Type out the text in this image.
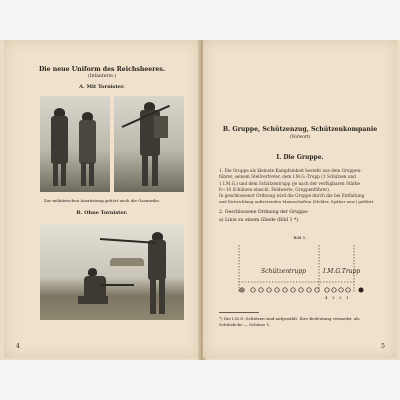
Die neue Uniform des Reichsheeres.
(Infanterie.)
A. Mit Tornister.
Zur militärischen Ausrüstung gehört auch die Gasmaske.
B. Ohne Tornister.
4
B. Gruppe, Schützenzug, Schützenkompanie
(Vorwort)
I. Die Gruppe.
1. Die Gruppe als kleinste Kampfeinheit besteht aus dem Gruppen-
führer, seinem Stellvertreter, dem I.M.G.-Trupp (1 Schützen und
1 I.M.G.) und dem Schützentrupp (je nach der verfügbaren Stärke
6—10 Schützen einschl. Feldwerte, Gruppenführer).
In geschlossener Ordnung wird die Gruppe durch die bei Entfaltung
und Entwicklung auftretenden Mannschaften (Melder, Späher usw.) geführt.
2. Geschlossene Ordnung der Gruppe:
a) Linie zu einem Gliede (Bild 1 *).
Bild 1.
Schützentrupp	I.M.G.Trupp
4 3 2 1
*) Die I.M.G.-Schützen sind aufgezählt. Ihre Bedeutung vermerkt, als
Schützliche — Schütze 1.
5
